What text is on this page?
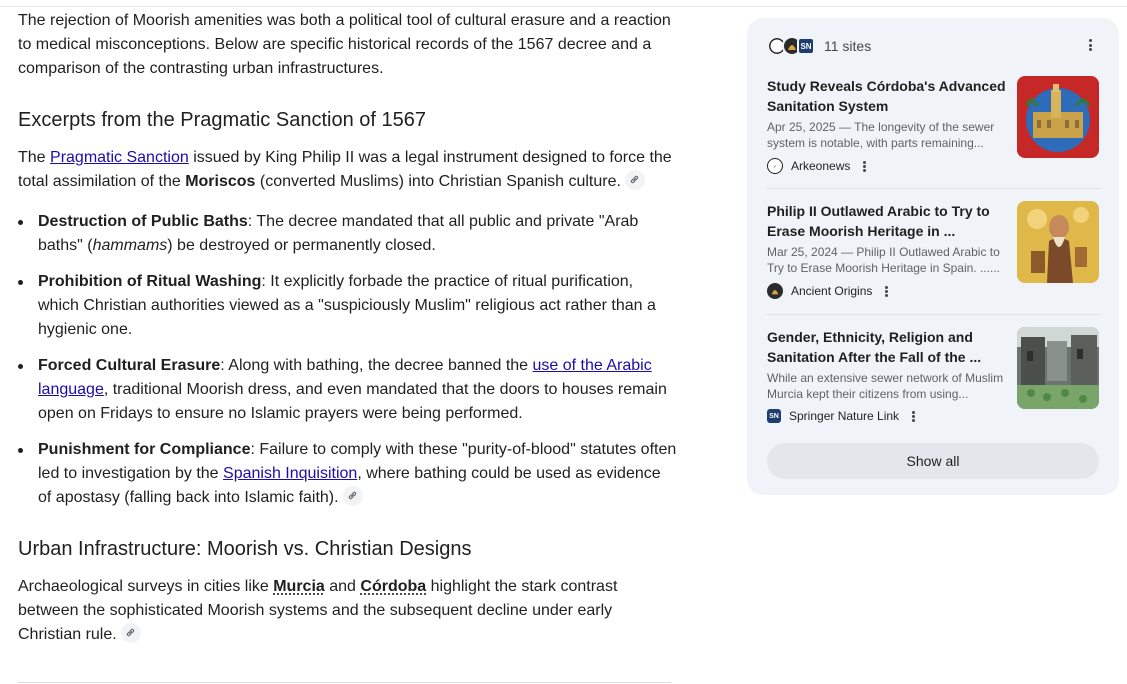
The rejection of Moorish amenities was both a political tool of cultural erasure and a reaction to medical misconceptions. Below are specific historical records of the 1567 decree and a comparison of the contrasting urban infrastructures.

Excerpts from the Pragmatic Sanction of 1567

The Pragmatic Sanction issued by King Philip II was a legal instrument designed to force the total assimilation of the Moriscos (converted Muslims) into Christian Spanish culture.

Destruction of Public Baths: The decree mandated that all public and private "Arab baths" (hammams) be destroyed or permanently closed.
Prohibition of Ritual Washing: It explicitly forbade the practice of ritual purification, which Christian authorities viewed as a "suspiciously Muslim" religious act rather than a hygienic one.
Forced Cultural Erasure: Along with bathing, the decree banned the use of the Arabic language, traditional Moorish dress, and even mandated that the doors to houses remain open on Fridays to ensure no Islamic prayers were being performed.
Punishment for Compliance: Failure to comply with these "purity-of-blood" statutes often led to investigation by the Spanish Inquisition, where bathing could be used as evidence of apostasy (falling back into Islamic faith).
Urban Infrastructure: Moorish vs. Christian Designs

Archaeological surveys in cities like Murcia and Córdoba highlight the stark contrast between the sophisticated Moorish systems and the subsequent decline under early Christian rule.

SN 11 sites
Study Reveals Córdoba's Advanced Sanitation System
Apr 25, 2025 — The longevity of the sewer system is notable, with parts remaining...
Arkeonews
Philip II Outlawed Arabic to Try to Erase Moorish Heritage in ...
Mar 25, 2024 — Philip II Outlawed Arabic to Try to Erase Moorish Heritage in Spain. ......
Ancient Origins
Gender, Ethnicity, Religion and Sanitation After the Fall of the ...
While an extensive sewer network of Muslim Murcia kept their citizens from using...
SN Springer Nature Link
Show all
